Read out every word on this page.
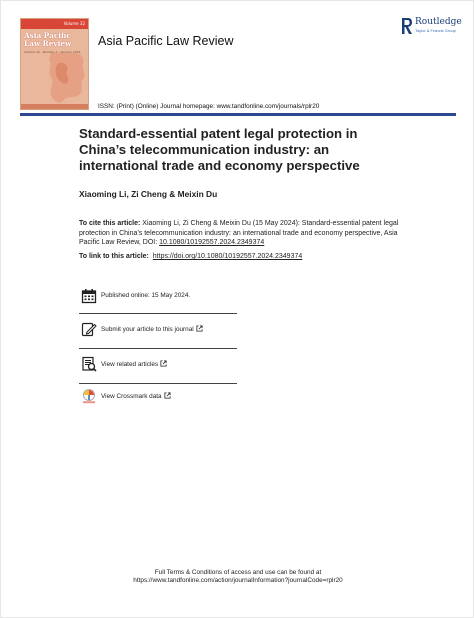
Volume 32
Asia Pacific Law Review
Volume 32 · Number 1 · January 2024
Asia Pacific Law Review
Routledge
Taylor & Francis Group
ISSN: (Print) (Online) Journal homepage: www.tandfonline.com/journals/rplr20
Standard-essential patent legal protection in China’s telecommunication industry: an international trade and economy perspective
Xiaoming Li, Zi Cheng & Meixin Du
To cite this article: Xiaoming Li, Zi Cheng & Meixin Du (15 May 2024): Standard-essential patent legal protection in China’s telecommunication industry: an international trade and economy perspective, Asia Pacific Law Review, DOI: 10.1080/10192557.2024.2349374
To link to this article: https://doi.org/10.1080/10192557.2024.2349374
Published online: 15 May 2024.
Submit your article to this journal
View related articles
View Crossmark data
Full Terms & Conditions of access and use can be found at
https://www.tandfonline.com/action/journalInformation?journalCode=rplr20
